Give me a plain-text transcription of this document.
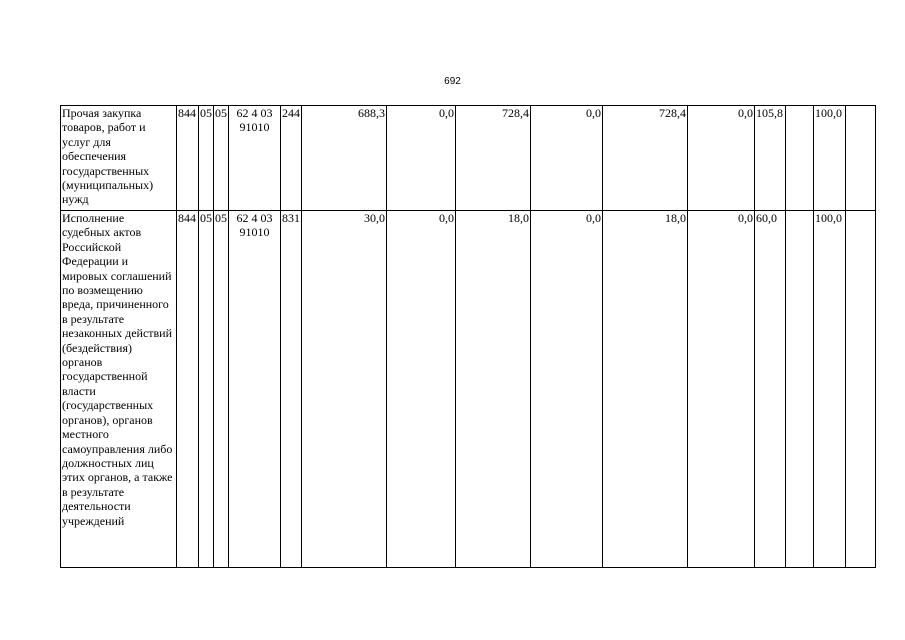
692
Прочая закупка товаров, работ и услуг для обеспечения государственных (муниципальных) нужд	844	05	05	62 4 03 91010	244	688,3	0,0	728,4	0,0	728,4	0,0	105,8		100,0	
Исполнение судебных актов Российской Федерации и мировых соглашений по возмещению вреда, причиненного в результате незаконных действий (бездействия) органов государственной власти (государственных органов), органов местного самоуправления либо должностных лиц этих органов, а также в результате деятельности учреждений	844	05	05	62 4 03 91010	831	30,0	0,0	18,0	0,0	18,0	0,0	60,0		100,0	
